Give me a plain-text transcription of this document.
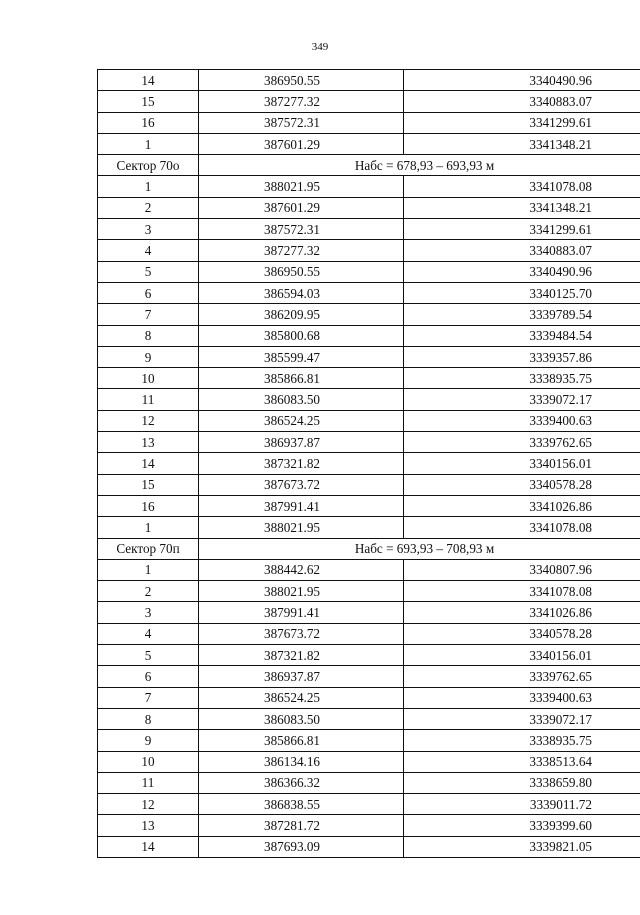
349
14	386950.55	3340490.96
15	387277.32	3340883.07
16	387572.31	3341299.61
1	387601.29	3341348.21
Сектор 70о	Набс = 678,93 – 693,93 м	
1	388021.95	3341078.08
2	387601.29	3341348.21
3	387572.31	3341299.61
4	387277.32	3340883.07
5	386950.55	3340490.96
6	386594.03	3340125.70
7	386209.95	3339789.54
8	385800.68	3339484.54
9	385599.47	3339357.86
10	385866.81	3338935.75
11	386083.50	3339072.17
12	386524.25	3339400.63
13	386937.87	3339762.65
14	387321.82	3340156.01
15	387673.72	3340578.28
16	387991.41	3341026.86
1	388021.95	3341078.08
Сектор 70п	Набс = 693,93 – 708,93 м	
1	388442.62	3340807.96
2	388021.95	3341078.08
3	387991.41	3341026.86
4	387673.72	3340578.28
5	387321.82	3340156.01
6	386937.87	3339762.65
7	386524.25	3339400.63
8	386083.50	3339072.17
9	385866.81	3338935.75
10	386134.16	3338513.64
11	386366.32	3338659.80
12	386838.55	3339011.72
13	387281.72	3339399.60
14	387693.09	3339821.05
